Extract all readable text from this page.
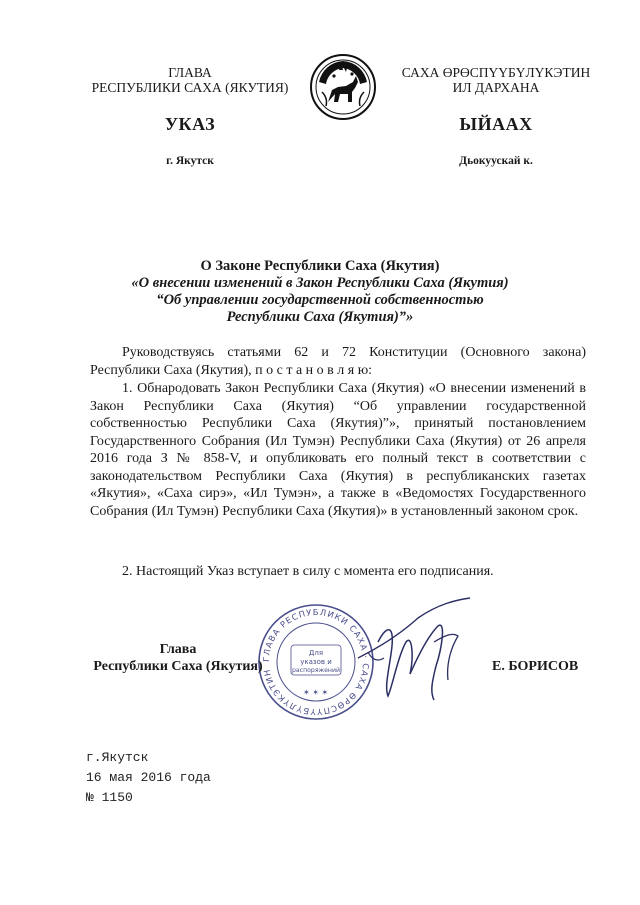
ГЛАВА
РЕСПУБЛИКИ САХА (ЯКУТИЯ)
УКАЗ
г. Якутск
САХА ӨРӨСПҮҮБҮЛҮКЭТИН
ИЛ ДАРХАНА
ЫЙААХ
Дьокуускай к.
О Законе Республики Саха (Якутия)
«О внесении изменений в Закон Республики Саха (Якутия)
“Об управлении государственной собственностью
Республики Саха (Якутия)”»
Руководствуясь статьями 62 и 72 Конституции (Основного закона) Республики Саха (Якутия), п о с т а н о в л я ю:
1. Обнародовать Закон Республики Саха (Якутия) «О внесении изменений в Закон Республики Саха (Якутия) “Об управлении государственной собственностью Республики Саха (Якутия)”», принятый постановлением Государственного Собрания (Ил Тумэн) Республики Саха (Якутия) от 26 апреля 2016 года З № 858-V, и опубликовать его полный текст в соответствии с законодательством Республики Саха (Якутия) в республиканских газетах «Якутия», «Саха сирэ», «Ил Тумэн», а также в «Ведомостях Государственного Собрания (Ил Тумэн) Республики Саха (Якутия)» в установленный законом срок.
2. Настоящий Указ вступает в силу с момента его подписания.
ГЛАВА РЕСПУБЛИКИ САХА · САХА ӨРӨСПҮҮБҮЛҮКЭТИН
Для
указов и
распоряжений
✶ ✶ ✶
Глава
Республики Саха (Якутия)	Е. БОРИСОВ
г.Якутск
16 мая 2016 года
№ 1150
